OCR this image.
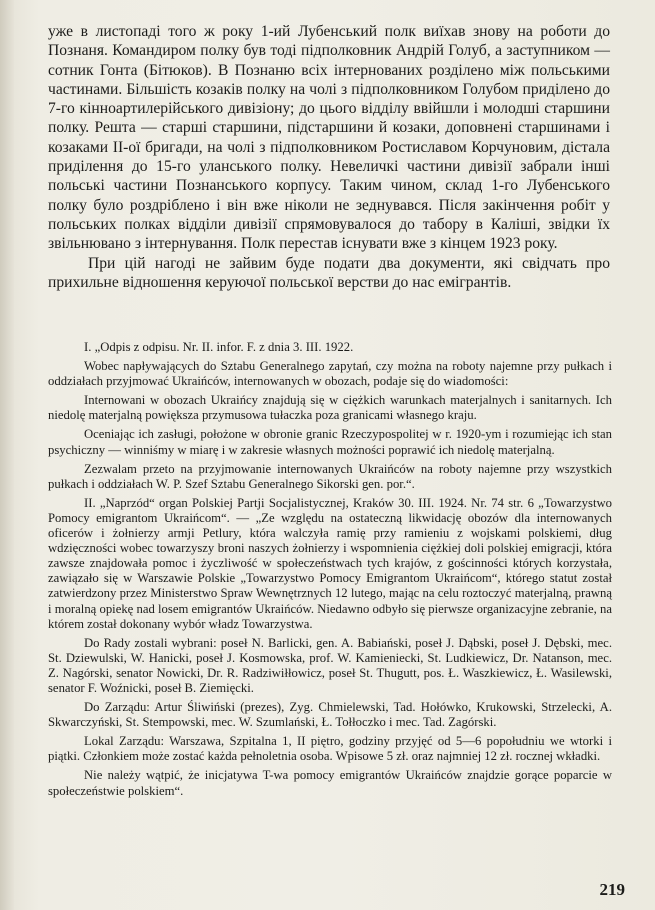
уже в листопаді того ж року 1-ий Лубенський полк виїхав знову на роботи до Познаня. Командиром полку був тоді підполковник Андрій Голуб, а заступником — сотник Гонта (Бітюков). В Познаню всіх інтернованих розділено між польськими частинами. Більшість козаків полку на чолі з підполковником Голубом приділено до 7-го кінноартилерійського дивізіону; до цього відділу ввійшли і молодші старшини полку. Решта — старші старшини, підстаршини й козаки, доповнені старшинами і козаками ІІ-ої бригади, на чолі з підполковником Ростиславом Корчуновим, дістала приділення до 15-го уланського полку. Невеличкі частини дивізії забрали інші польські частини Познанського корпусу. Таким чином, склад 1-го Лубенського полку було роздріблено і він вже ніколи не зеднувався. Після закінчення робіт у польських полках відділи дивізії спрямовувалося до табору в Каліші, звідки їх звільнювано з інтернування. Полк перестав існувати вже з кінцем 1923 року.

При цій нагоді не зайвим буде подати два документи, які свідчать про прихильне відношення керуючої польської верстви до нас емігрантів.

I. „Odpis z odpisu. Nr. II. infor. F. z dnia 3. III. 1922.

Wobec napływających do Sztabu Generalnego zapytań, czy można na roboty najemne przy pułkach i oddziałach przyjmować Ukraińców, internowanych w obozach, podaje się do wiadomości:

Internowani w obozach Ukraińcy znajdują się w ciężkich warunkach materjalnych i sanitarnych. Ich niedolę materjalną powiększa przymusowa tułaczka poza granicami własnego kraju.

Oceniając ich zasługi, położone w obronie granic Rzeczypospolitej w r. 1920-ym i rozumiejąc ich stan psychiczny — winniśmy w miarę i w zakresie własnych możności poprawić ich niedolę materjalną.

Zezwalam przeto na przyjmowanie internowanych Ukraińców na roboty najemne przy wszystkich pułkach i oddziałach W. P. Szef Sztabu Generalnego Sikorski gen. por.“.

II. „Naprzód“ organ Polskiej Partji Socjalistycznej, Kraków 30. III. 1924. Nr. 74 str. 6 „Towarzystwo Pomocy emigrantom Ukraińcom“. — „Ze względu na ostateczną likwidację obozów dla internowanych oficerów i żołnierzy armji Petlury, która walczyła ramię przy ramieniu z wojskami polskiemi, dług wdzięczności wobec towarzyszy broni naszych żołnierzy i wspomnienia ciężkiej doli polskiej emigracji, która zawsze znajdowała pomoc i życzliwość w społeczeństwach tych krajów, z gościnności których korzystała, zawiązało się w Warszawie Polskie „Towarzystwo Pomocy Emigrantom Ukraińcom“, którego statut został zatwierdzony przez Ministerstwo Spraw Wewnętrznych 12 lutego, mając na celu roztoczyć materjalną, prawną i moralną opiekę nad losem emigrantów Ukraińców. Niedawno odbyło się pierwsze organizacyjne zebranie, na którem został dokonany wybór władz Towarzystwa.

Do Rady zostali wybrani: poseł N. Barlicki, gen. A. Babiański, poseł J. Dąbski, poseł J. Dębski, mec. St. Dziewulski, W. Hanicki, poseł J. Kosmowska, prof. W. Kamieniecki, St. Ludkiewicz, Dr. Natanson, mec. Z. Nagórski, senator Nowicki, Dr. R. Radziwiłłowicz, poseł St. Thugutt, pos. Ł. Waszkiewicz, Ł. Wasilewski, senator F. Woźnicki, poseł B. Ziemięcki.

Do Zarządu: Artur Śliwiński (prezes), Zyg. Chmielewski, Tad. Hołówko, Krukowski, Strzelecki, A. Skwarczyński, St. Stempowski, mec. W. Szumlański, Ł. Tołłoczko i mec. Tad. Zagórski.

Lokal Zarządu: Warszawa, Szpitalna 1, II piętro, godziny przyjęć od 5—6 popołudniu we wtorki i piątki. Członkiem może zostać każda pełnoletnia osoba. Wpisowe 5 zł. oraz najmniej 12 zł. rocznej wkładki.

Nie należy wątpić, że inicjatywa T-wa pomocy emigrantów Ukraińców znajdzie gorące poparcie w społeczeństwie polskiem“.

219
